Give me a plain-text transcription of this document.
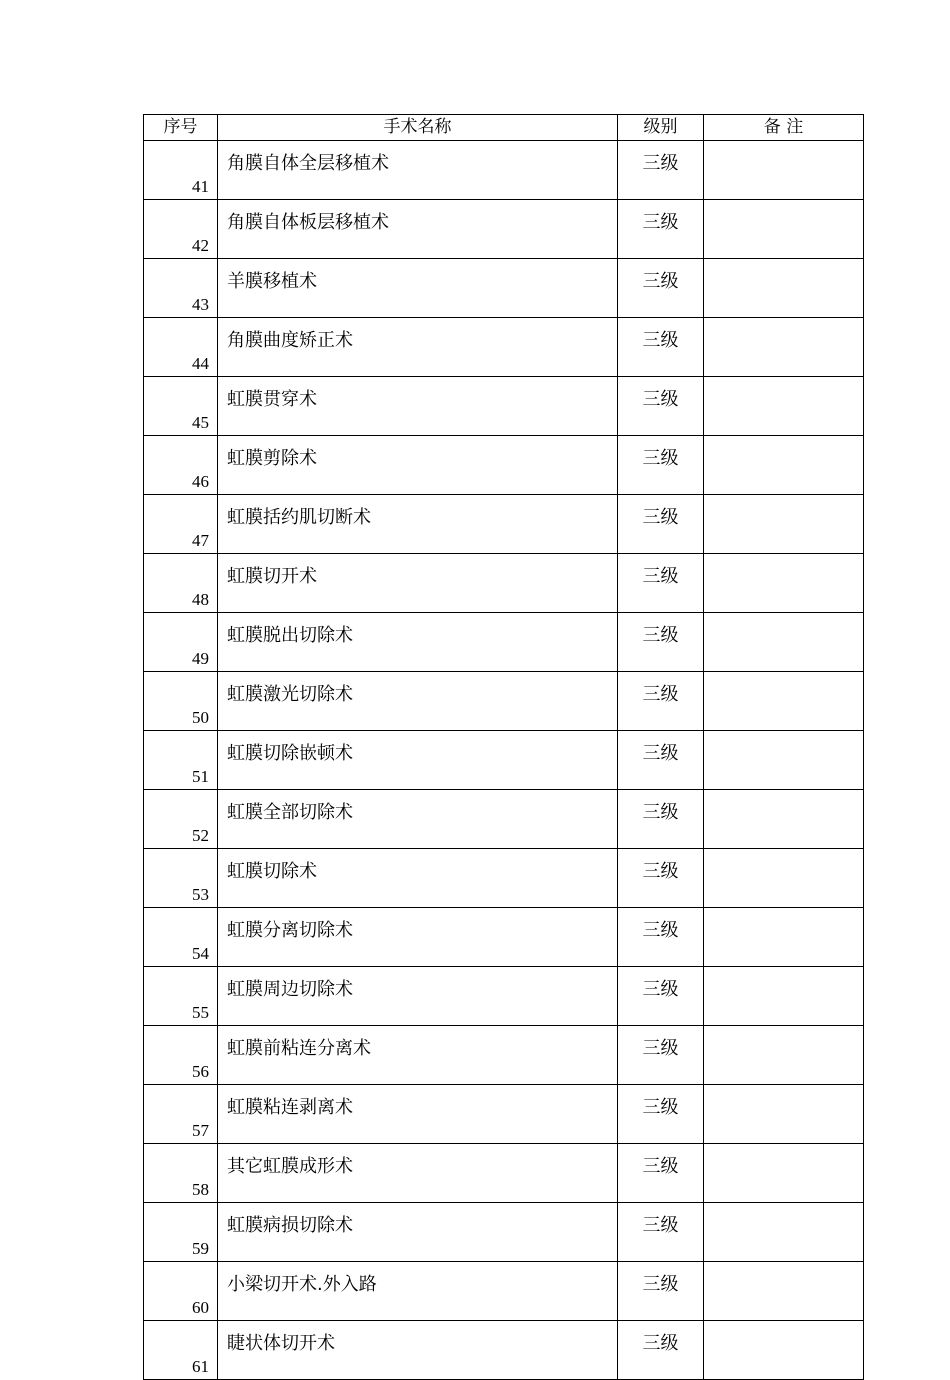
序号	手术名称	级别	备 注
41	角膜自体全层移植术	三级	
42	角膜自体板层移植术	三级	
43	羊膜移植术	三级	
44	角膜曲度矫正术	三级	
45	虹膜贯穿术	三级	
46	虹膜剪除术	三级	
47	虹膜括约肌切断术	三级	
48	虹膜切开术	三级	
49	虹膜脱出切除术	三级	
50	虹膜激光切除术	三级	
51	虹膜切除嵌顿术	三级	
52	虹膜全部切除术	三级	
53	虹膜切除术	三级	
54	虹膜分离切除术	三级	
55	虹膜周边切除术	三级	
56	虹膜前粘连分离术	三级	
57	虹膜粘连剥离术	三级	
58	其它虹膜成形术	三级	
59	虹膜病损切除术	三级	
60	小梁切开术.外入路	三级	
61	睫状体切开术	三级	
